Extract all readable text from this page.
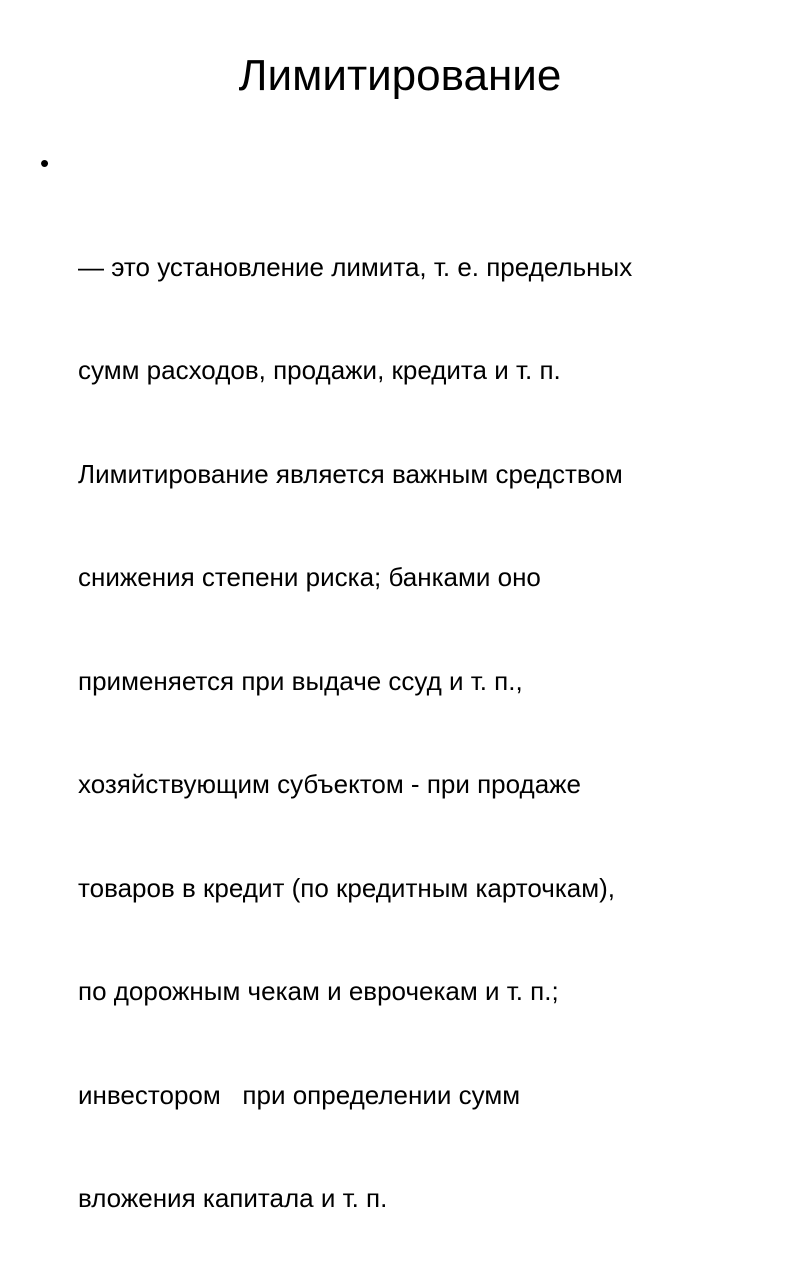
Лимитирование

•

— это установление лимита, т. е. предельных

сумм расходов, продажи, кредита и т. п.

Лимитирование является важным средством

снижения степени риска; банками оно

применяется при выдаче ссуд и т. п.,

хозяйствующим субъектом - при продаже

товаров в кредит (по кредитным карточкам),

по дорожным чекам и еврочекам и т. п.;

инвестором   при определении сумм

вложения капитала и т. п.
